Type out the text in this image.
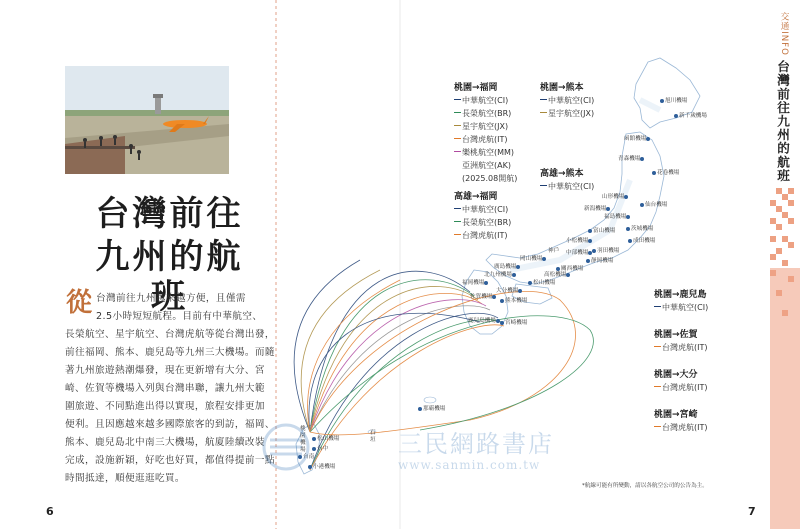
台灣前往
九州的航班
從 台灣前往九州越來越方便，且僅需
2.5小時短短航程。目前有中華航空、
長榮航空、星宇航空、台灣虎航等從台灣出發，
前往福岡、熊本、鹿兒島等九州三大機場。而隨
著九州旅遊熱潮爆發，現在更新增有大分、宮
崎、佐賀等機場入列與台灣串聯，讓九州大範
圍旅遊、不同點進出得以實現，旅程安排更加
便利。且因應越來越多國際旅客的到訪，福岡、
熊本、鹿兒島北中南三大機場，航廈陸續改裝
完成，設施新穎，好吃也好買，都值得提前一點
時間抵達，順便逛逛吃買。
6
旭川機場
新千歲機場
函館機場
青森機場
花卷機場
山形機場
仙台機場
新潟機場
福島機場
茨城機場
小松機場	成田機場
富山機場
羽田機場
靜岡機場
中部機場
神戶
岡山機場
關西機場
廣島機場
北九州機場
福岡機場	松山機場
高松機場
佐賀機場
大分機場
熊本機場
鹿兒島機場	宮崎機場
那霸機場
桃園機場
松山機場
台中
石垣
台南
小港機場
桃園→福岡
中華航空(CI)
長榮航空(BR)
星宇航空(JX)
台灣虎航(IT)
樂桃航空(MM)
亞洲航空(AK)
(2025.08開航)
高雄→福岡
中華航空(CI)
長榮航空(BR)
台灣虎航(IT)
桃園→熊本
中華航空(CI)
星宇航空(JX)
高雄→熊本
中華航空(CI)
桃園→鹿兒島
中華航空(CI)
桃園→佐賀
台灣虎航(IT)
桃園→大分
台灣虎航(IT)
桃園→宮崎
台灣虎航(IT)
交通INFO
台灣前往九州的航班
*航線可能有所變動，請以各航空公司的公告為主。
7
三民網路書店
www.sanmin.com.tw
